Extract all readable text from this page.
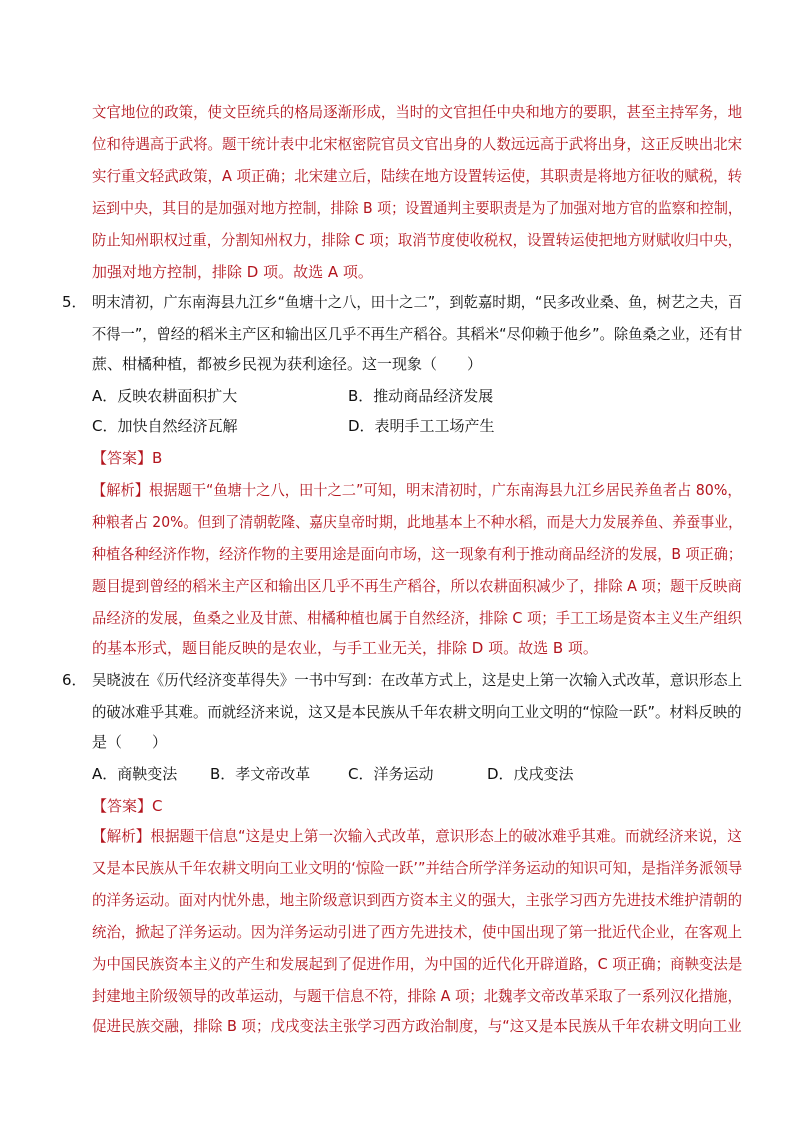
文官地位的政策，使文臣统兵的格局逐渐形成，当时的文官担任中央和地方的要职，甚至主持军务，地
位和待遇高于武将。题干统计表中北宋枢密院官员文官出身的人数远远高于武将出身，这正反映出北宋
实行重文轻武政策，A 项正确；北宋建立后，陆续在地方设置转运使，其职责是将地方征收的赋税，转
运到中央，其目的是加强对地方控制，排除 B 项；设置通判主要职责是为了加强对地方官的监察和控制，
防止知州职权过重，分割知州权力，排除 C 项；取消节度使收税权，设置转运使把地方财赋收归中央，
加强对地方控制，排除 D 项。故选 A 项。
5． 明末清初，广东南海县九江乡“鱼塘十之八，田十之二”，到乾嘉时期，“民多改业桑、鱼，树艺之夫，百
不得一”，曾经的稻米主产区和输出区几乎不再生产稻谷。其稻米“尽仰赖于他乡”。除鱼桑之业，还有甘
蔗、柑橘种植，都被乡民视为获利途径。这一现象（　　）
A．反映农耕面积扩大	B．推动商品经济发展
C．加快自然经济瓦解	D．表明手工工场产生
【答案】B
【解析】根据题干“鱼塘十之八，田十之二”可知，明末清初时，广东南海县九江乡居民养鱼者占 80%，
种粮者占 20%。但到了清朝乾隆、嘉庆皇帝时期，此地基本上不种水稻，而是大力发展养鱼、养蚕事业，
种植各种经济作物，经济作物的主要用途是面向市场，这一现象有利于推动商品经济的发展，B 项正确；
题目提到曾经的稻米主产区和输出区几乎不再生产稻谷，所以农耕面积减少了，排除 A 项；题干反映商
品经济的发展，鱼桑之业及甘蔗、柑橘种植也属于自然经济，排除 C 项；手工工场是资本主义生产组织
的基本形式，题目能反映的是农业，与手工业无关，排除 D 项。故选 B 项。
6． 吴晓波在《历代经济变革得失》一书中写到：在改革方式上，这是史上第一次输入式改革，意识形态上
的破冰难乎其难。而就经济来说，这又是本民族从千年农耕文明向工业文明的“惊险一跃”。材料反映的
是（　　）
A．商鞅变法 B．孝文帝改革	C．洋务运动	D．戊戌变法
【答案】C
【解析】根据题干信息“这是史上第一次输入式改革，意识形态上的破冰难乎其难。而就经济来说，这
又是本民族从千年农耕文明向工业文明的‘惊险一跃’”并结合所学洋务运动的知识可知，是指洋务派领导
的洋务运动。面对内忧外患，地主阶级意识到西方资本主义的强大，主张学习西方先进技术维护清朝的
统治，掀起了洋务运动。因为洋务运动引进了西方先进技术，使中国出现了第一批近代企业，在客观上
为中国民族资本主义的产生和发展起到了促进作用，为中国的近代化开辟道路，C 项正确；商鞅变法是
封建地主阶级领导的改革运动，与题干信息不符，排除 A 项；北魏孝文帝改革采取了一系列汉化措施，
促进民族交融，排除 B 项；戊戌变法主张学习西方政治制度，与“这又是本民族从千年农耕文明向工业
